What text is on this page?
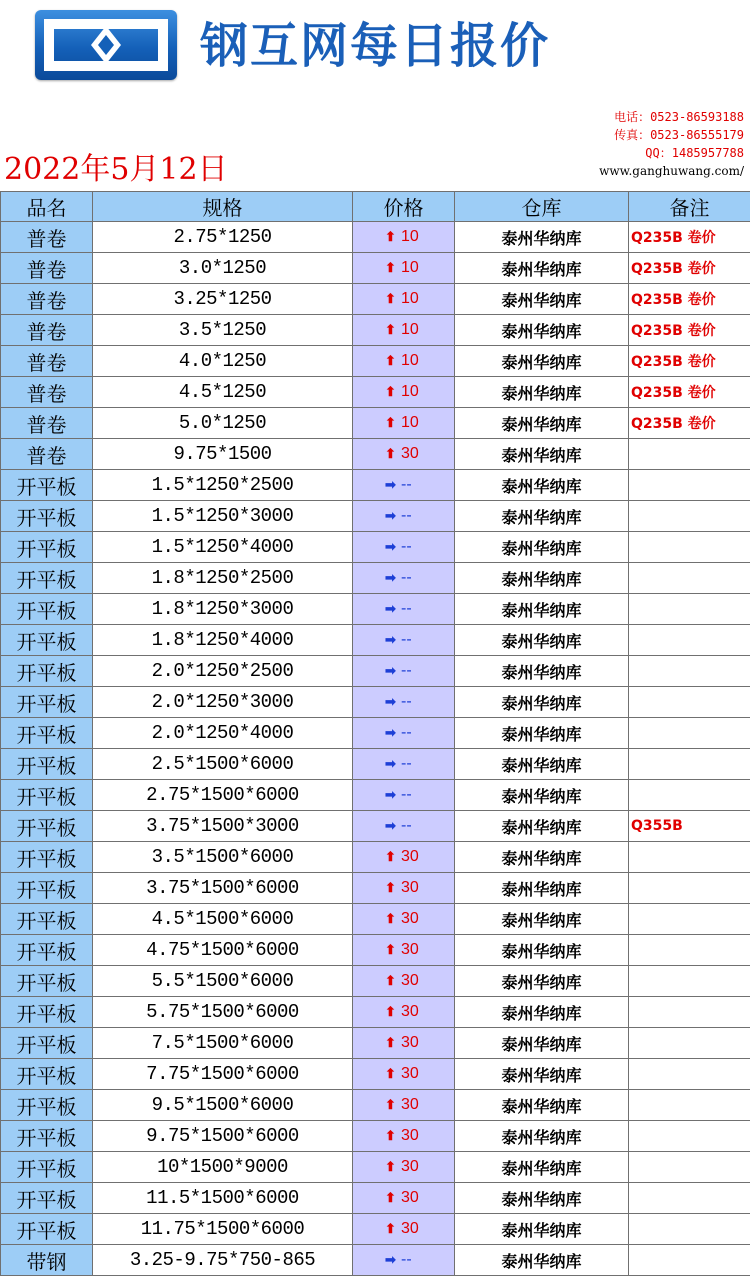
钢互网每日报价
电话：0523-86593188
传真：0523-86555179
QQ：1485957788
www.ganghuwang.com/
2022年5月12日
品名	规格	价格	仓库	备注
普卷	2.75*1250	⬆ 10	泰州华纳库	Q235B 卷价
普卷	3.0*1250	⬆ 10	泰州华纳库	Q235B 卷价
普卷	3.25*1250	⬆ 10	泰州华纳库	Q235B 卷价
普卷	3.5*1250	⬆ 10	泰州华纳库	Q235B 卷价
普卷	4.0*1250	⬆ 10	泰州华纳库	Q235B 卷价
普卷	4.5*1250	⬆ 10	泰州华纳库	Q235B 卷价
普卷	5.0*1250	⬆ 10	泰州华纳库	Q235B 卷价
普卷	9.75*1500	⬆ 30	泰州华纳库	
开平板	1.5*1250*2500	➡ --	泰州华纳库	
开平板	1.5*1250*3000	➡ --	泰州华纳库	
开平板	1.5*1250*4000	➡ --	泰州华纳库	
开平板	1.8*1250*2500	➡ --	泰州华纳库	
开平板	1.8*1250*3000	➡ --	泰州华纳库	
开平板	1.8*1250*4000	➡ --	泰州华纳库	
开平板	2.0*1250*2500	➡ --	泰州华纳库	
开平板	2.0*1250*3000	➡ --	泰州华纳库	
开平板	2.0*1250*4000	➡ --	泰州华纳库	
开平板	2.5*1500*6000	➡ --	泰州华纳库	
开平板	2.75*1500*6000	➡ --	泰州华纳库	
开平板	3.75*1500*3000	➡ --	泰州华纳库	Q355B
开平板	3.5*1500*6000	⬆ 30	泰州华纳库	
开平板	3.75*1500*6000	⬆ 30	泰州华纳库	
开平板	4.5*1500*6000	⬆ 30	泰州华纳库	
开平板	4.75*1500*6000	⬆ 30	泰州华纳库	
开平板	5.5*1500*6000	⬆ 30	泰州华纳库	
开平板	5.75*1500*6000	⬆ 30	泰州华纳库	
开平板	7.5*1500*6000	⬆ 30	泰州华纳库	
开平板	7.75*1500*6000	⬆ 30	泰州华纳库	
开平板	9.5*1500*6000	⬆ 30	泰州华纳库	
开平板	9.75*1500*6000	⬆ 30	泰州华纳库	
开平板	10*1500*9000	⬆ 30	泰州华纳库	
开平板	11.5*1500*6000	⬆ 30	泰州华纳库	
开平板	11.75*1500*6000	⬆ 30	泰州华纳库	
带钢	3.25-9.75*750-865	➡ --	泰州华纳库	
